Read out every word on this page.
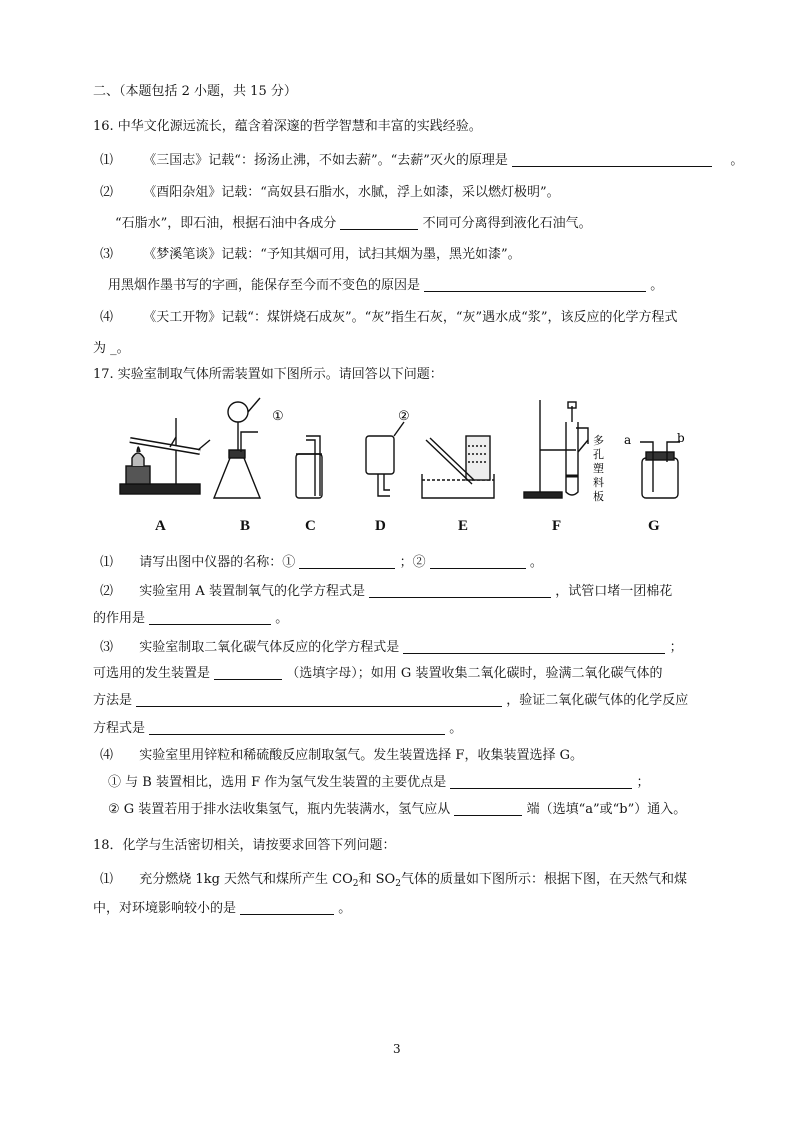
二、（本题包括 2 小题，共 15 分）
16. 中华文化源远流长，蕴含着深邃的哲学智慧和丰富的实践经验。
⑴ 《三国志》记载“：扬汤止沸，不如去薪”。“去薪”灭火的原理是	。
⑵ 《酉阳杂俎》记载：“高奴县石脂水，水腻，浮上如漆，采以燃灯极明”。
“石脂水”，即石油，根据石油中各成分	不同可分离得到液化石油气。
⑶ 《梦溪笔谈》记载：“予知其烟可用，试扫其烟为墨，黑光如漆”。
用黑烟作墨书写的字画，能保存至今而不变色的原因是	。
⑷ 《天工开物》记载“：煤饼烧石成灰”。“灰”指生石灰，“灰”遇水成“浆”，该反应的化学方程式
为 _。
17. 实验室制取气体所需装置如下图所示。请回答以下问题：
①	②
多
孔
塑
料
板
a	b
A	B	C	D	E	F	G
⑴ 请写出图中仪器的名称：①	；②	。
⑵ 实验室用 A 装置制氧气的化学方程式是	，试管口堵一团棉花
的作用是	。
⑶ 实验室制取二氧化碳气体反应的化学方程式是	；
可选用的发生装置是	（选填字母）；如用 G 装置收集二氧化碳时，验满二氧化碳气体的
方法是	，验证二氧化碳气体的化学反应
方程式是	。
⑷ 实验室里用锌粒和稀硫酸反应制取氢气。发生装置选择 F，收集装置选择 G。
① 与 B 装置相比，选用 F 作为氢气发生装置的主要优点是	；
② G 装置若用于排水法收集氢气，瓶内先装满水，氢气应从	端（选填“a”或“b”）通入。
18．化学与生活密切相关，请按要求回答下列问题：
⑴ 充分燃烧 1kg 天然气和煤所产生 $CO_2$和 $SO_2$气体的质量如下图所示：根据下图，在天然气和煤
中，对环境影响较小的是	。
3
